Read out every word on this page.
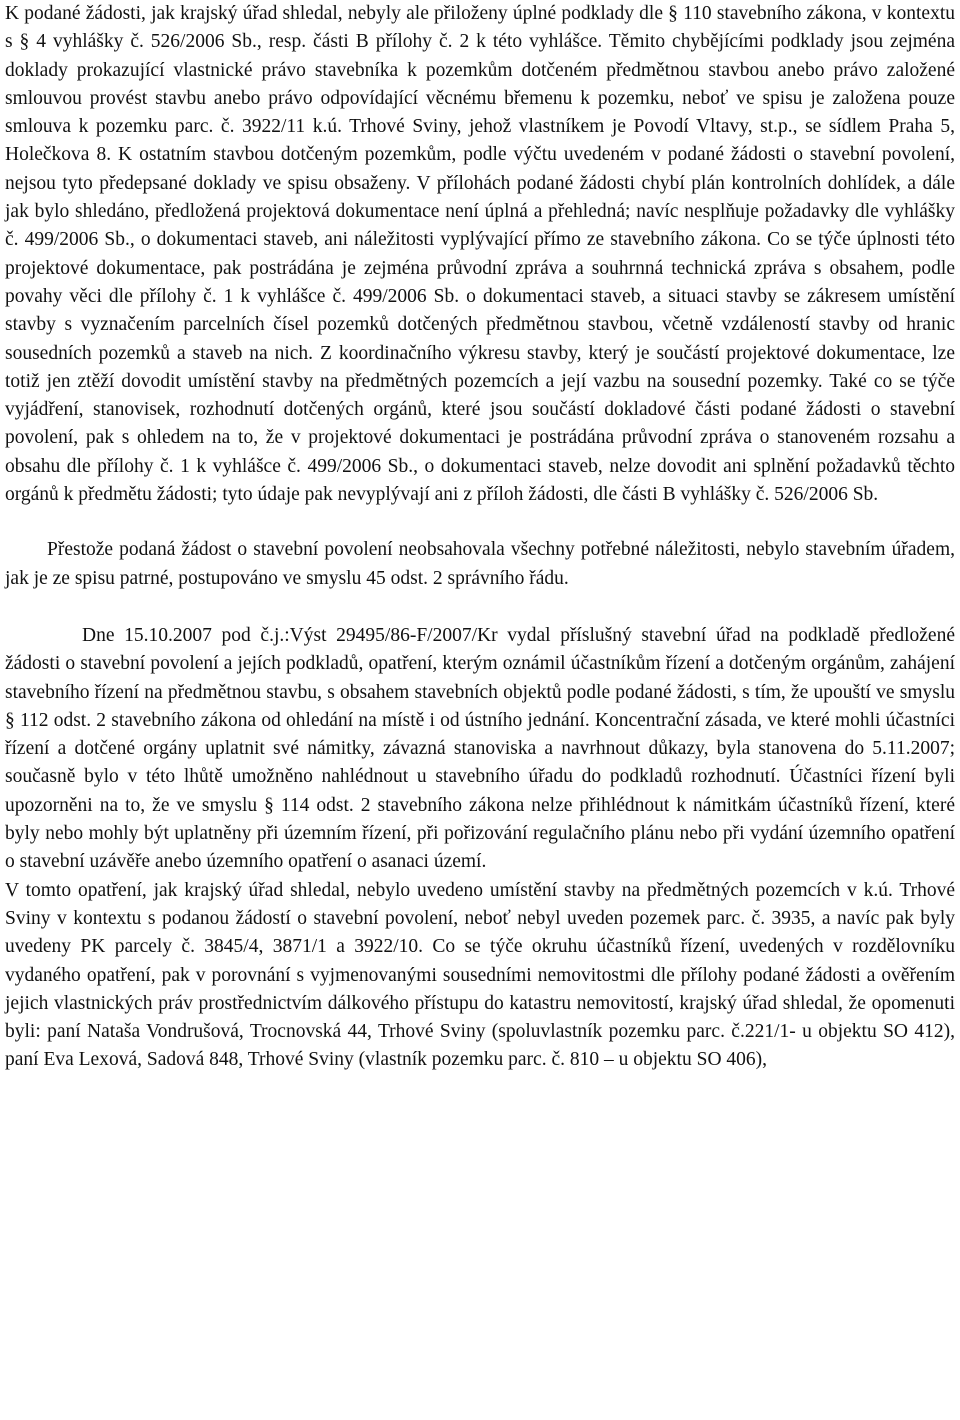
K podané žádosti, jak krajský úřad shledal, nebyly ale přiloženy úplné podklady dle § 110 stavebního zákona, v kontextu s § 4 vyhlášky č. 526/2006 Sb., resp. části B přílohy č. 2 k této vyhlášce. Těmito chybějícími podklady jsou zejména doklady prokazující vlastnické právo stavebníka k pozemkům dotčeném předmětnou stavbou anebo právo založené smlouvou provést stavbu anebo právo odpovídající věcnému břemenu k pozemku, neboť ve spisu je založena pouze smlouva k pozemku parc. č. 3922/11 k.ú. Trhové Sviny, jehož vlastníkem je Povodí Vltavy, st.p., se sídlem Praha 5, Holečkova 8. K ostatním stavbou dotčeným pozemkům, podle výčtu uvedeném v podané žádosti o stavební povolení, nejsou tyto předepsané doklady ve spisu obsaženy. V přílohách podané žádosti chybí plán kontrolních dohlídek, a dále jak bylo shledáno, předložená projektová dokumentace není úplná a přehledná; navíc nesplňuje požadavky dle vyhlášky č. 499/2006 Sb., o dokumentaci staveb, ani náležitosti vyplývající přímo ze stavebního zákona. Co se týče úplnosti této projektové dokumentace, pak postrádána je zejména průvodní zpráva a souhrnná technická zpráva s obsahem, podle povahy věci dle přílohy č. 1 k vyhlášce č. 499/2006 Sb. o dokumentaci staveb, a situaci stavby se zákresem umístění stavby s vyznačením parcelních čísel pozemků dotčených předmětnou stavbou, včetně vzdáleností stavby od hranic sousedních pozemků a staveb na nich. Z koordinačního výkresu stavby, který je součástí projektové dokumentace, lze totiž jen ztěží dovodit umístění stavby na předmětných pozemcích a její vazbu na sousední pozemky. Také co se týče vyjádření, stanovisek, rozhodnutí dotčených orgánů, které jsou součástí dokladové části podané žádosti o stavební povolení, pak s ohledem na to, že v projektové dokumentaci je postrádána průvodní zpráva o stanoveném rozsahu a obsahu dle přílohy č. 1 k vyhlášce č. 499/2006 Sb., o dokumentaci staveb, nelze dovodit ani splnění požadavků těchto orgánů k předmětu žádosti; tyto údaje pak nevyplývají ani z příloh žádosti, dle části B vyhlášky č. 526/2006 Sb.

Přestože podaná žádost o stavební povolení neobsahovala všechny potřebné náležitosti, nebylo stavebním úřadem, jak je ze spisu patrné, postupováno ve smyslu 45 odst. 2 správního řádu.

Dne 15.10.2007 pod č.j.:Výst 29495/86-F/2007/Kr vydal příslušný stavební úřad na podkladě předložené žádosti o stavební povolení a jejích podkladů, opatření, kterým oznámil účastníkům řízení a dotčeným orgánům, zahájení stavebního řízení na předmětnou stavbu, s obsahem stavebních objektů podle podané žádosti, s tím, že upouští ve smyslu § 112 odst. 2 stavebního zákona od ohledání na místě i od ústního jednání. Koncentrační zásada, ve které mohli účastníci řízení a dotčené orgány uplatnit své námitky, závazná stanoviska a navrhnout důkazy, byla stanovena do 5.11.2007; současně bylo v této lhůtě umožněno nahlédnout u stavebního úřadu do podkladů rozhodnutí. Účastníci řízení byli upozorněni na to, že ve smyslu § 114 odst. 2 stavebního zákona nelze přihlédnout k námitkám účastníků řízení, které byly nebo mohly být uplatněny při územním řízení, při pořizování regulačního plánu nebo při vydání územního opatření o stavební uzávěře anebo územního opatření o asanaci území.

V tomto opatření, jak krajský úřad shledal, nebylo uvedeno umístění stavby na předmětných pozemcích v k.ú. Trhové Sviny v kontextu s podanou žádostí o stavební povolení, neboť nebyl uveden pozemek parc. č. 3935, a navíc pak byly uvedeny PK parcely č. 3845/4, 3871/1 a 3922/10. Co se týče okruhu účastníků řízení, uvedených v rozdělovníku vydaného opatření, pak v porovnání s vyjmenovanými sousedními nemovitostmi dle přílohy podané žádosti a ověřením jejich vlastnických práv prostřednictvím dálkového přístupu do katastru nemovitostí, krajský úřad shledal, že opomenuti byli: paní Nataša Vondrušová, Trocnovská 44, Trhové Sviny (spoluvlastník pozemku parc. č.221/1- u objektu SO 412), paní Eva Lexová, Sadová 848, Trhové Sviny (vlastník pozemku parc. č. 810 – u objektu SO 406),
